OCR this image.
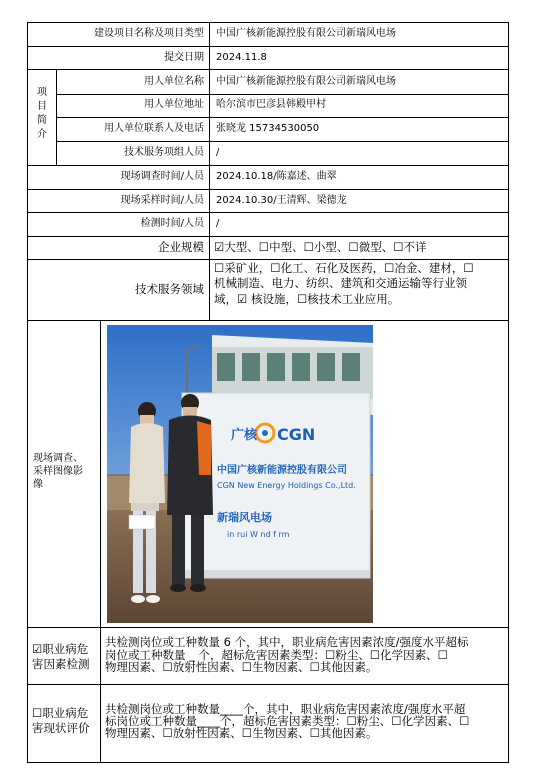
建设项目名称及项目类型 中国广核新能源控股有限公司新瑞风电场
提交日期 2024.11.8
项
目
简
介
用人单位名称 中国广核新能源控股有限公司新瑞风电场
用人单位地址 哈尔滨市巴彦县韩殿甲村
用人单位联系人及电话 张晓龙 15734530050
技术服务项组人员 /
现场调查时间/人员 2024.10.18/陈嘉述、曲翠
现场采样时间/人员 2024.10.30/王清辉、梁德龙
检测时间/人员 /
企业规模 ☑大型、☐中型、☐小型、☐微型、☐不详
技术服务领域
☐采矿业，☐化工、石化及医药，☐冶金、建材，☐
机械制造、电力、纺织、建筑和交通运输等行业领
域，☑ 核设施，☐核技术工业应用。
现场调查、
采样图像影
像
广核 CGN
中国广核新能源控股有限公司
CGN New Energy Holdings Co.,Ltd.
新瑞风电场
in rui W nd f rm
☑职业病危
害因素检测
共检测岗位或工种数量 6 个，其中，职业病危害因素浓度/强度水平超标
岗位或工种数量 _ 个，超标危害因素类型：☐粉尘、☐化学因素、☐
物理因素、☐放射性因素、☐生物因素、☐其他因素。
☐职业病危
害现状评价
共检测岗位或工种数量____个，其中，职业病危害因素浓度/强度水平超
标岗位或工种数量____个，超标危害因素类型：☐粉尘、☐化学因素、☐
物理因素、☐放射性因素、☐生物因素、☐其他因素。
